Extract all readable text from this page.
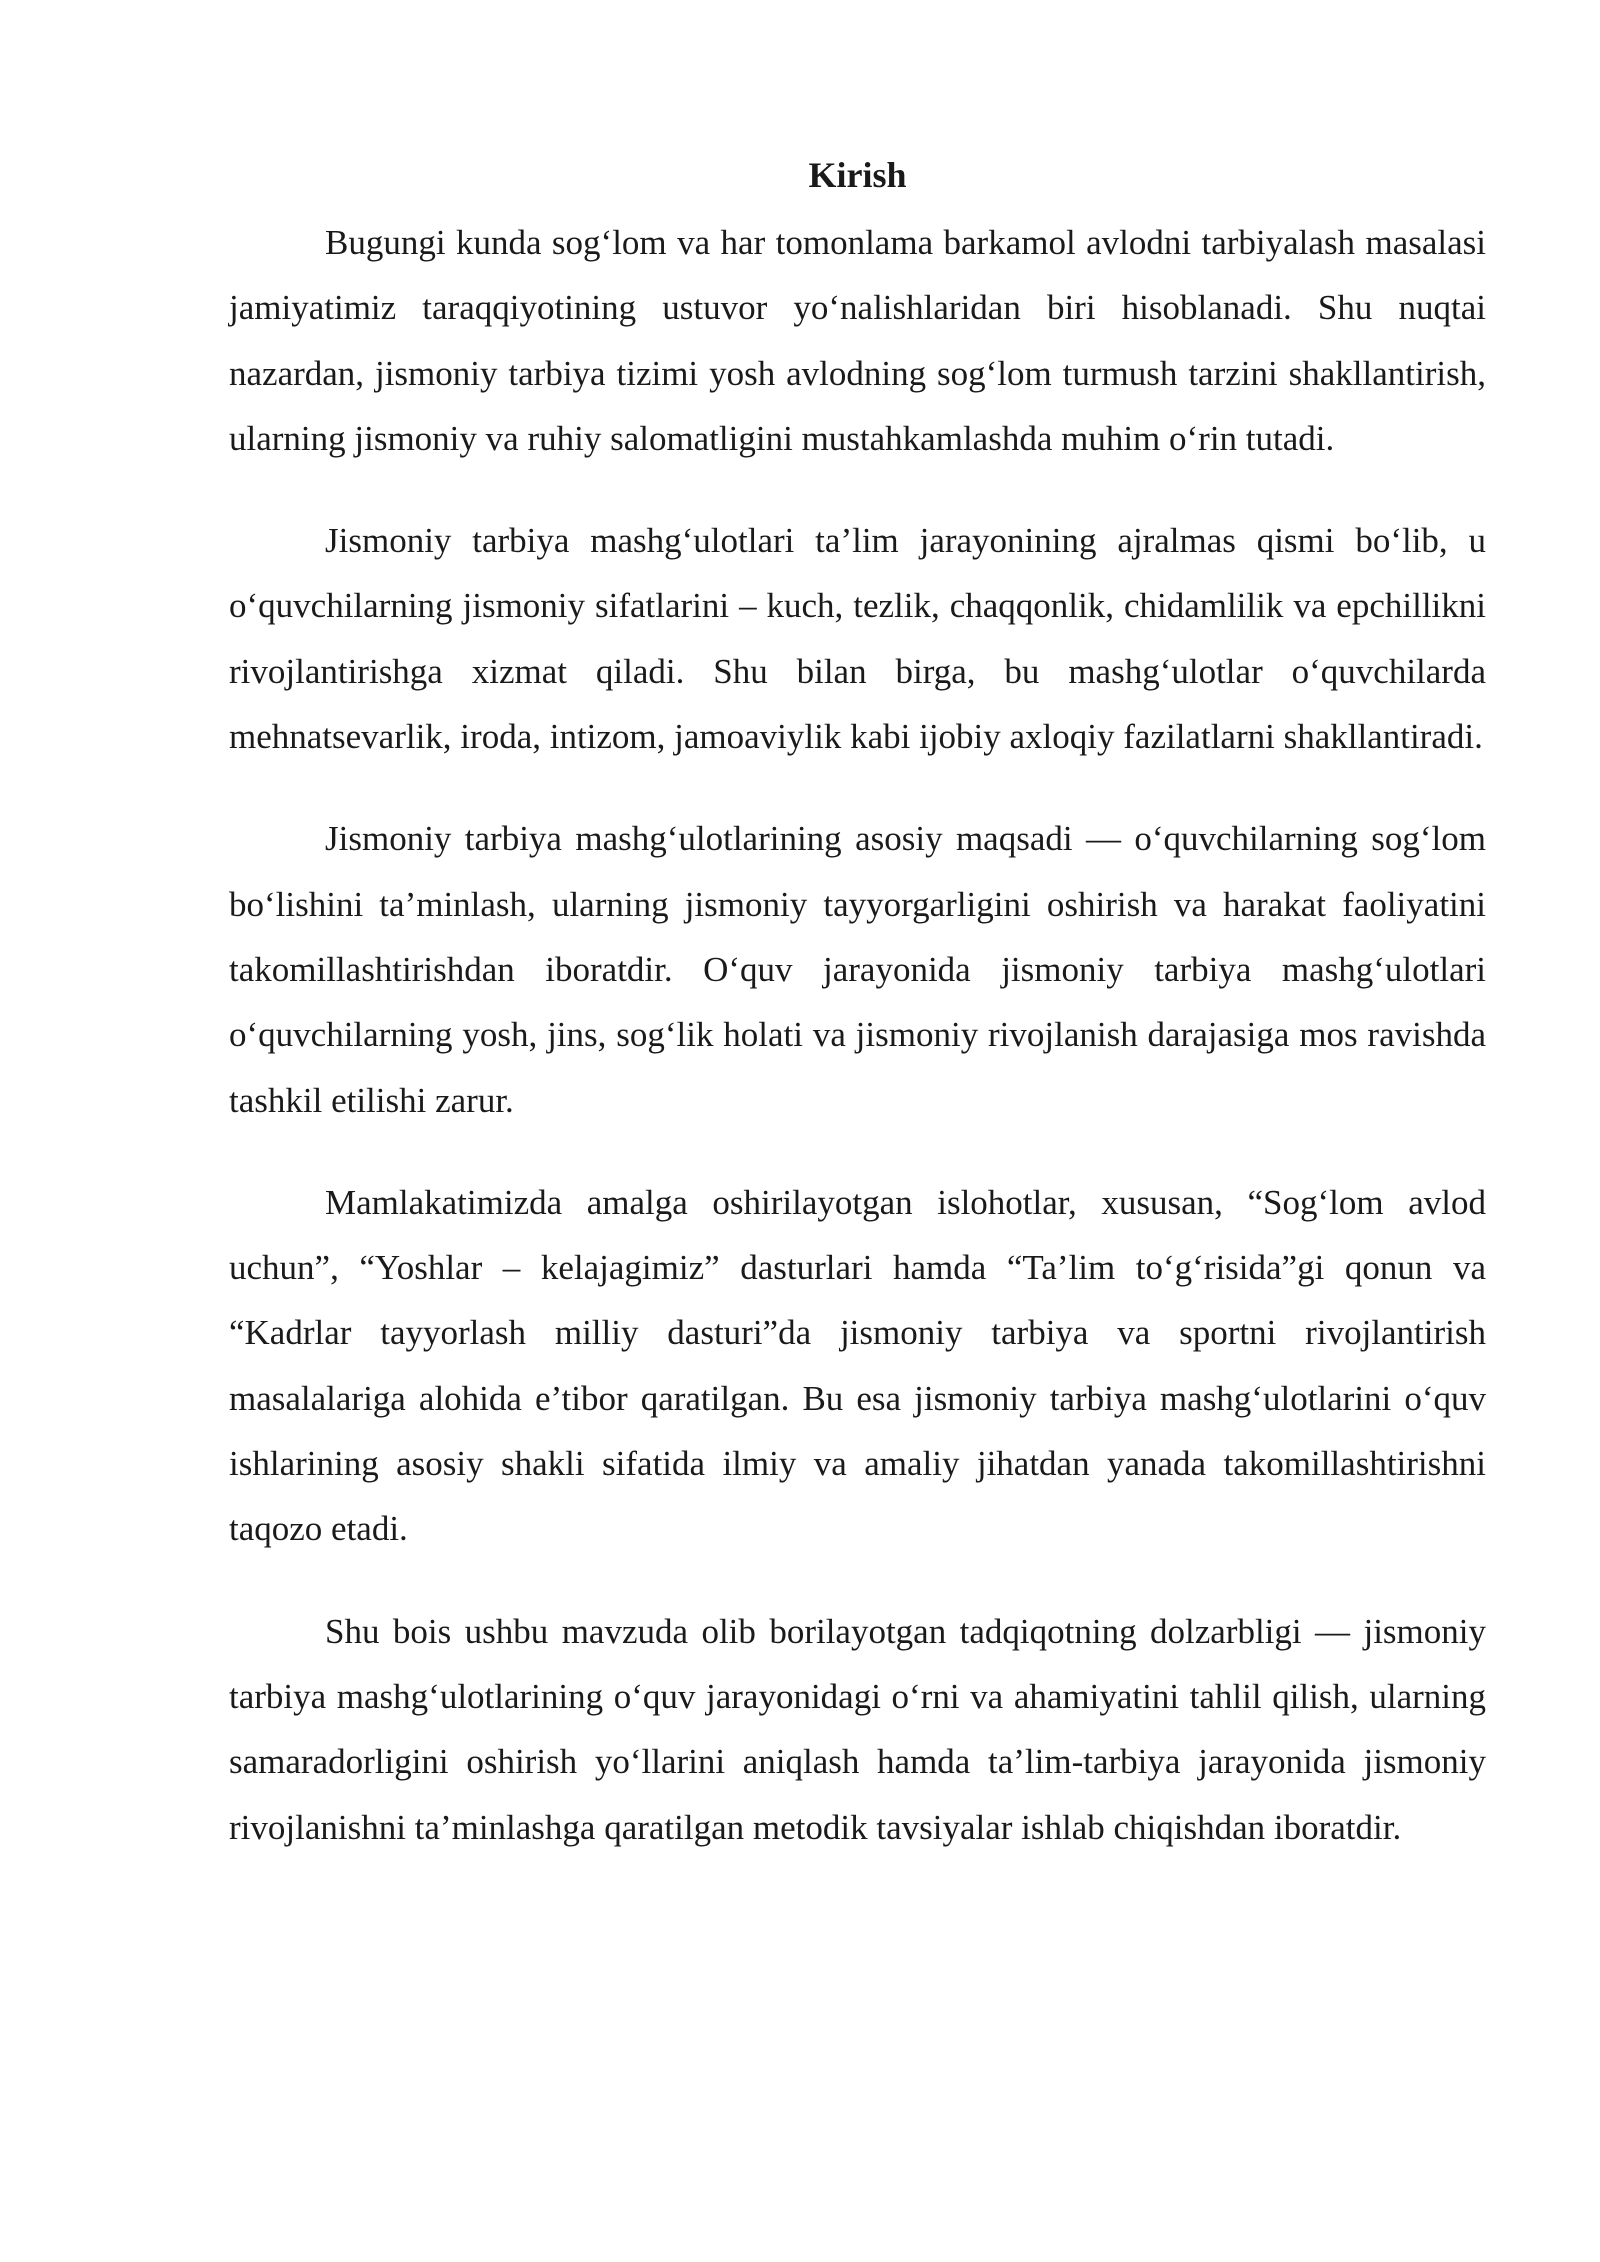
Kirish

Bugungi kunda sog‘lom va har tomonlama barkamol avlodni tarbiyalash masalasi jamiyatimiz taraqqiyotining ustuvor yo‘nalishlaridan biri hisoblanadi. Shu nuqtai nazardan, jismoniy tarbiya tizimi yosh avlodning sog‘lom turmush tarzini shakllantirish, ularning jismoniy va ruhiy salomatligini mustahkamlashda muhim o‘rin tutadi.

Jismoniy tarbiya mashg‘ulotlari ta’lim jarayonining ajralmas qismi bo‘lib, u o‘quvchilarning jismoniy sifatlarini – kuch, tezlik, chaqqonlik, chidamlilik va epchillikni rivojlantirishga xizmat qiladi. Shu bilan birga, bu mashg‘ulotlar o‘quvchilarda mehnatsevarlik, iroda, intizom, jamoaviylik kabi ijobiy axloqiy fazilatlarni shakllantiradi.

Jismoniy tarbiya mashg‘ulotlarining asosiy maqsadi — o‘quvchilarning sog‘lom bo‘lishini ta’minlash, ularning jismoniy tayyorgarligini oshirish va harakat faoliyatini takomillashtirishdan iboratdir. O‘quv jarayonida jismoniy tarbiya mashg‘ulotlari o‘quvchilarning yosh, jins, sog‘lik holati va jismoniy rivojlanish darajasiga mos ravishda tashkil etilishi zarur.

Mamlakatimizda amalga oshirilayotgan islohotlar, xususan, “Sog‘lom avlod uchun”, “Yoshlar – kelajagimiz” dasturlari hamda “Ta’lim to‘g‘risida”gi qonun va “Kadrlar tayyorlash milliy dasturi”da jismoniy tarbiya va sportni rivojlantirish masalalariga alohida e’tibor qaratilgan. Bu esa jismoniy tarbiya mashg‘ulotlarini o‘quv ishlarining asosiy shakli sifatida ilmiy va amaliy jihatdan yanada takomillashtirishni taqozo etadi.

Shu bois ushbu mavzuda olib borilayotgan tadqiqotning dolzarbligi — jismoniy tarbiya mashg‘ulotlarining o‘quv jarayonidagi o‘rni va ahamiyatini tahlil qilish, ularning samaradorligini oshirish yo‘llarini aniqlash hamda ta’lim-tarbiya jarayonida jismoniy rivojlanishni ta’minlashga qaratilgan metodik tavsiyalar ishlab chiqishdan iboratdir.
